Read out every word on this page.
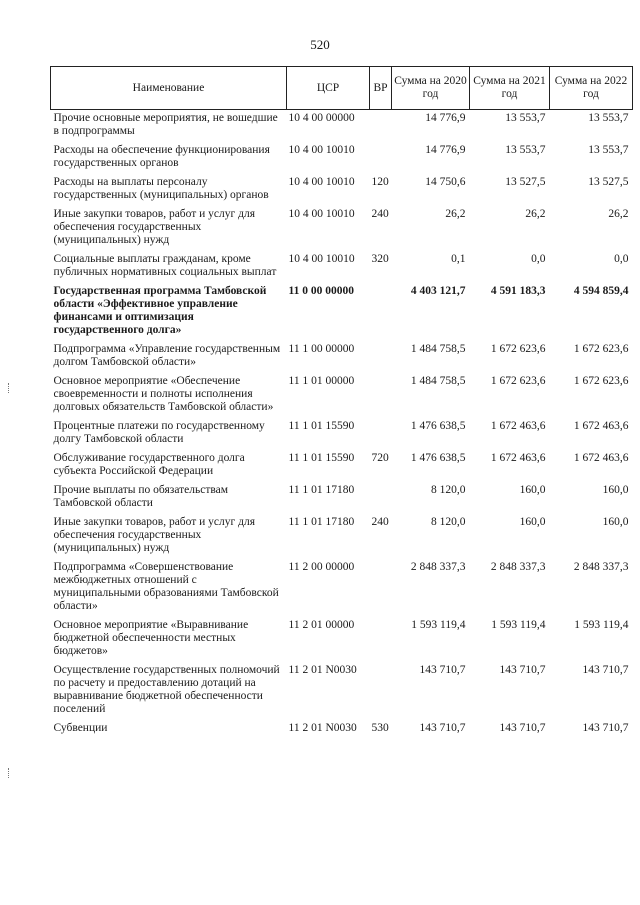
520
Наименование	ЦСР	ВР	Сумма на 2020 год	Сумма на 2021 год	Сумма на 2022 год
Прочие основные мероприятия, не вошедшие в подпрограммы	10 4 00 00000		14 776,9	13 553,7	13 553,7
Расходы на обеспечение функционирования государственных органов	10 4 00 10010		14 776,9	13 553,7	13 553,7
Расходы на выплаты персоналу государственных (муниципальных) органов	10 4 00 10010	120	14 750,6	13 527,5	13 527,5
Иные закупки товаров, работ и услуг для обеспечения государственных (муниципальных) нужд	10 4 00 10010	240	26,2	26,2	26,2
Социальные выплаты гражданам, кроме публичных нормативных социальных выплат	10 4 00 10010	320	0,1	0,0	0,0
Государственная программа Тамбовской области «Эффективное управление финансами и оптимизация государственного долга»	11 0 00 00000		4 403 121,7	4 591 183,3	4 594 859,4
Подпрограмма «Управление государственным долгом Тамбовской области»	11 1 00 00000		1 484 758,5	1 672 623,6	1 672 623,6
Основное мероприятие «Обеспечение своевременности и полноты исполнения долговых обязательств Тамбовской области»	11 1 01 00000		1 484 758,5	1 672 623,6	1 672 623,6
Процентные платежи по государственному долгу Тамбовской области	11 1 01 15590		1 476 638,5	1 672 463,6	1 672 463,6
Обслуживание государственного долга субъекта Российской Федерации	11 1 01 15590	720	1 476 638,5	1 672 463,6	1 672 463,6
Прочие выплаты по обязательствам Тамбовской области	11 1 01 17180		8 120,0	160,0	160,0
Иные закупки товаров, работ и услуг для обеспечения государственных (муниципальных) нужд	11 1 01 17180	240	8 120,0	160,0	160,0
Подпрограмма «Совершенствование межбюджетных отношений с муниципальными образованиями Тамбовской области»	11 2 00 00000		2 848 337,3	2 848 337,3	2 848 337,3
Основное мероприятие «Выравнивание бюджетной обеспеченности местных бюджетов»	11 2 01 00000		1 593 119,4	1 593 119,4	1 593 119,4
Осуществление государственных полномочий по расчету и предоставлению дотаций на выравнивание бюджетной обеспеченности поселений	11 2 01 N0030		143 710,7	143 710,7	143 710,7
Субвенции	11 2 01 N0030	530	143 710,7	143 710,7	143 710,7
